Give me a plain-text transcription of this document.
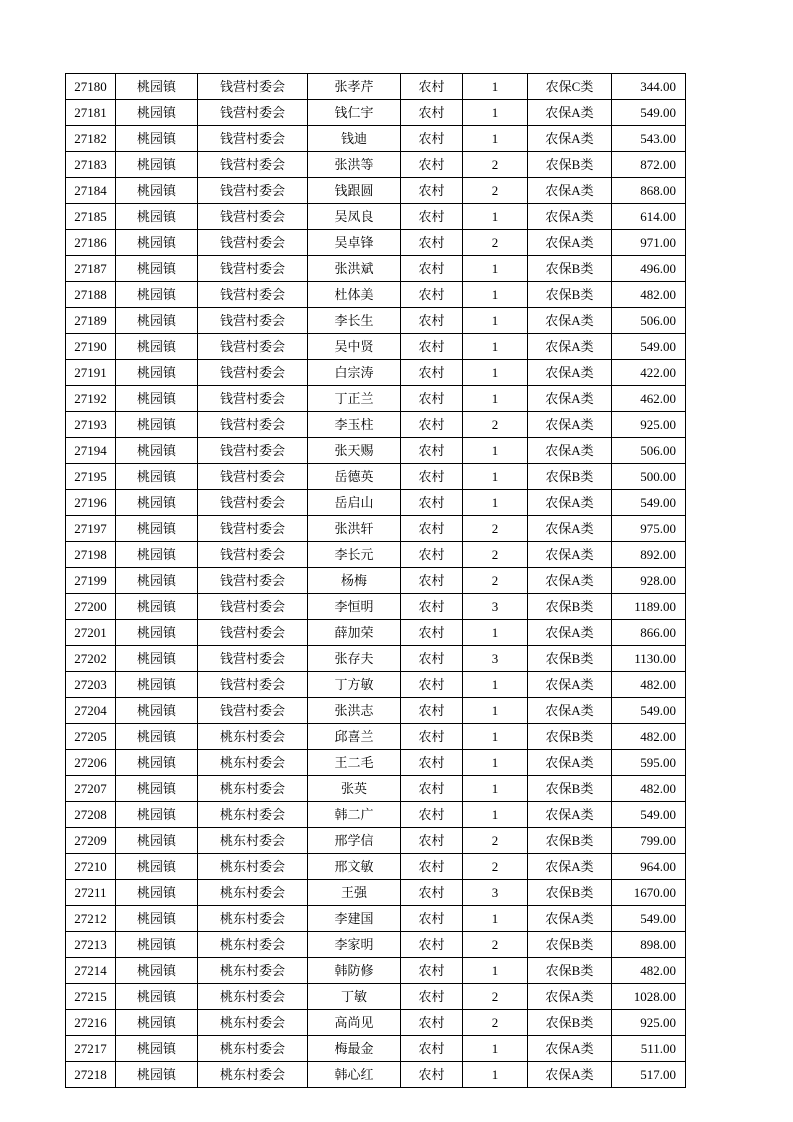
27180	桃园镇	钱营村委会	张孝芹	农村	1	农保C类	344.00
27181	桃园镇	钱营村委会	钱仁宇	农村	1	农保A类	549.00
27182	桃园镇	钱营村委会	钱迪	农村	1	农保A类	543.00
27183	桃园镇	钱营村委会	张洪等	农村	2	农保B类	872.00
27184	桃园镇	钱营村委会	钱跟圆	农村	2	农保A类	868.00
27185	桃园镇	钱营村委会	吴凤良	农村	1	农保A类	614.00
27186	桃园镇	钱营村委会	吴卓锋	农村	2	农保A类	971.00
27187	桃园镇	钱营村委会	张洪斌	农村	1	农保B类	496.00
27188	桃园镇	钱营村委会	杜体美	农村	1	农保B类	482.00
27189	桃园镇	钱营村委会	李长生	农村	1	农保A类	506.00
27190	桃园镇	钱营村委会	吴中贤	农村	1	农保A类	549.00
27191	桃园镇	钱营村委会	白宗涛	农村	1	农保A类	422.00
27192	桃园镇	钱营村委会	丁正兰	农村	1	农保A类	462.00
27193	桃园镇	钱营村委会	李玉柱	农村	2	农保A类	925.00
27194	桃园镇	钱营村委会	张天赐	农村	1	农保A类	506.00
27195	桃园镇	钱营村委会	岳德英	农村	1	农保B类	500.00
27196	桃园镇	钱营村委会	岳启山	农村	1	农保A类	549.00
27197	桃园镇	钱营村委会	张洪轩	农村	2	农保A类	975.00
27198	桃园镇	钱营村委会	李长元	农村	2	农保A类	892.00
27199	桃园镇	钱营村委会	杨梅	农村	2	农保A类	928.00
27200	桃园镇	钱营村委会	李恒明	农村	3	农保B类	1189.00
27201	桃园镇	钱营村委会	薛加荣	农村	1	农保A类	866.00
27202	桃园镇	钱营村委会	张存夫	农村	3	农保B类	1130.00
27203	桃园镇	钱营村委会	丁方敏	农村	1	农保A类	482.00
27204	桃园镇	钱营村委会	张洪志	农村	1	农保A类	549.00
27205	桃园镇	桃东村委会	邱喜兰	农村	1	农保B类	482.00
27206	桃园镇	桃东村委会	王二毛	农村	1	农保A类	595.00
27207	桃园镇	桃东村委会	张英	农村	1	农保B类	482.00
27208	桃园镇	桃东村委会	韩二广	农村	1	农保A类	549.00
27209	桃园镇	桃东村委会	邢学信	农村	2	农保B类	799.00
27210	桃园镇	桃东村委会	邢文敏	农村	2	农保A类	964.00
27211	桃园镇	桃东村委会	王强	农村	3	农保B类	1670.00
27212	桃园镇	桃东村委会	李建国	农村	1	农保A类	549.00
27213	桃园镇	桃东村委会	李家明	农村	2	农保B类	898.00
27214	桃园镇	桃东村委会	韩防修	农村	1	农保B类	482.00
27215	桃园镇	桃东村委会	丁敏	农村	2	农保A类	1028.00
27216	桃园镇	桃东村委会	高尚见	农村	2	农保B类	925.00
27217	桃园镇	桃东村委会	梅最金	农村	1	农保A类	511.00
27218	桃园镇	桃东村委会	韩心红	农村	1	农保A类	517.00
